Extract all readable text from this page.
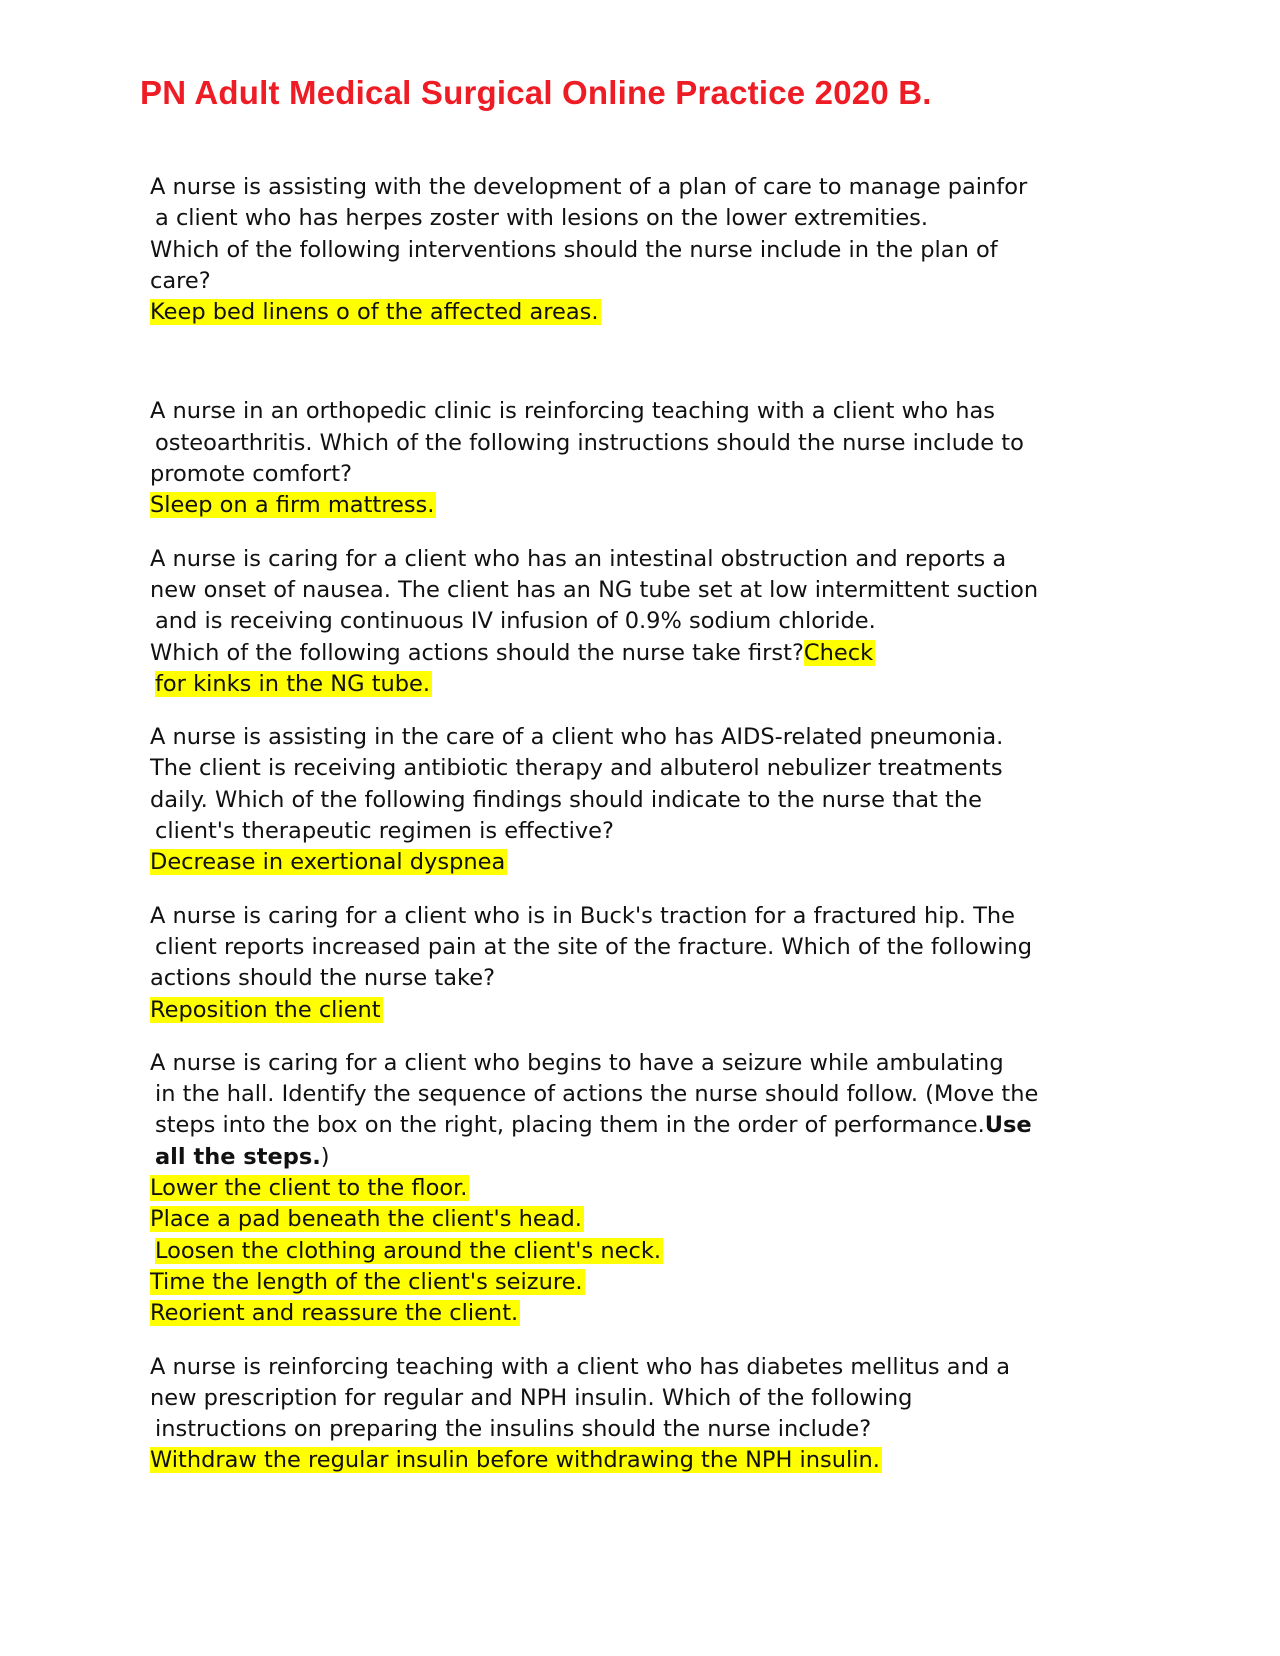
PN Adult Medical Surgical Online Practice 2020 B.
A nurse is assisting with the development of a plan of care to manage painfor
a client who has herpes zoster with lesions on the lower extremities.
Which of the following interventions should the nurse include in the plan of
care?
Keep bed linens o of the affected areas.
A nurse in an orthopedic clinic is reinforcing teaching with a client who has
osteoarthritis. Which of the following instructions should the nurse include to
promote comfort?
Sleep on a firm mattress.
A nurse is caring for a client who has an intestinal obstruction and reports a
new onset of nausea. The client has an NG tube set at low intermittent suction
and is receiving continuous IV infusion of 0.9% sodium chloride.
Which of the following actions should the nurse take first?Check
for kinks in the NG tube.
A nurse is assisting in the care of a client who has AIDS-related pneumonia.
The client is receiving antibiotic therapy and albuterol nebulizer treatments
daily. Which of the following findings should indicate to the nurse that the
client's therapeutic regimen is effective?
Decrease in exertional dyspnea
A nurse is caring for a client who is in Buck's traction for a fractured hip. The
client reports increased pain at the site of the fracture. Which of the following
actions should the nurse take?
Reposition the client
A nurse is caring for a client who begins to have a seizure while ambulating
in the hall. Identify the sequence of actions the nurse should follow. (Move the
steps into the box on the right, placing them in the order of performance.Use
all the steps.)
Lower the client to the floor.
Place a pad beneath the client's head.
Loosen the clothing around the client's neck.
Time the length of the client's seizure.
Reorient and reassure the client.
A nurse is reinforcing teaching with a client who has diabetes mellitus and a
new prescription for regular and NPH insulin. Which of the following
instructions on preparing the insulins should the nurse include?
Withdraw the regular insulin before withdrawing the NPH insulin.
